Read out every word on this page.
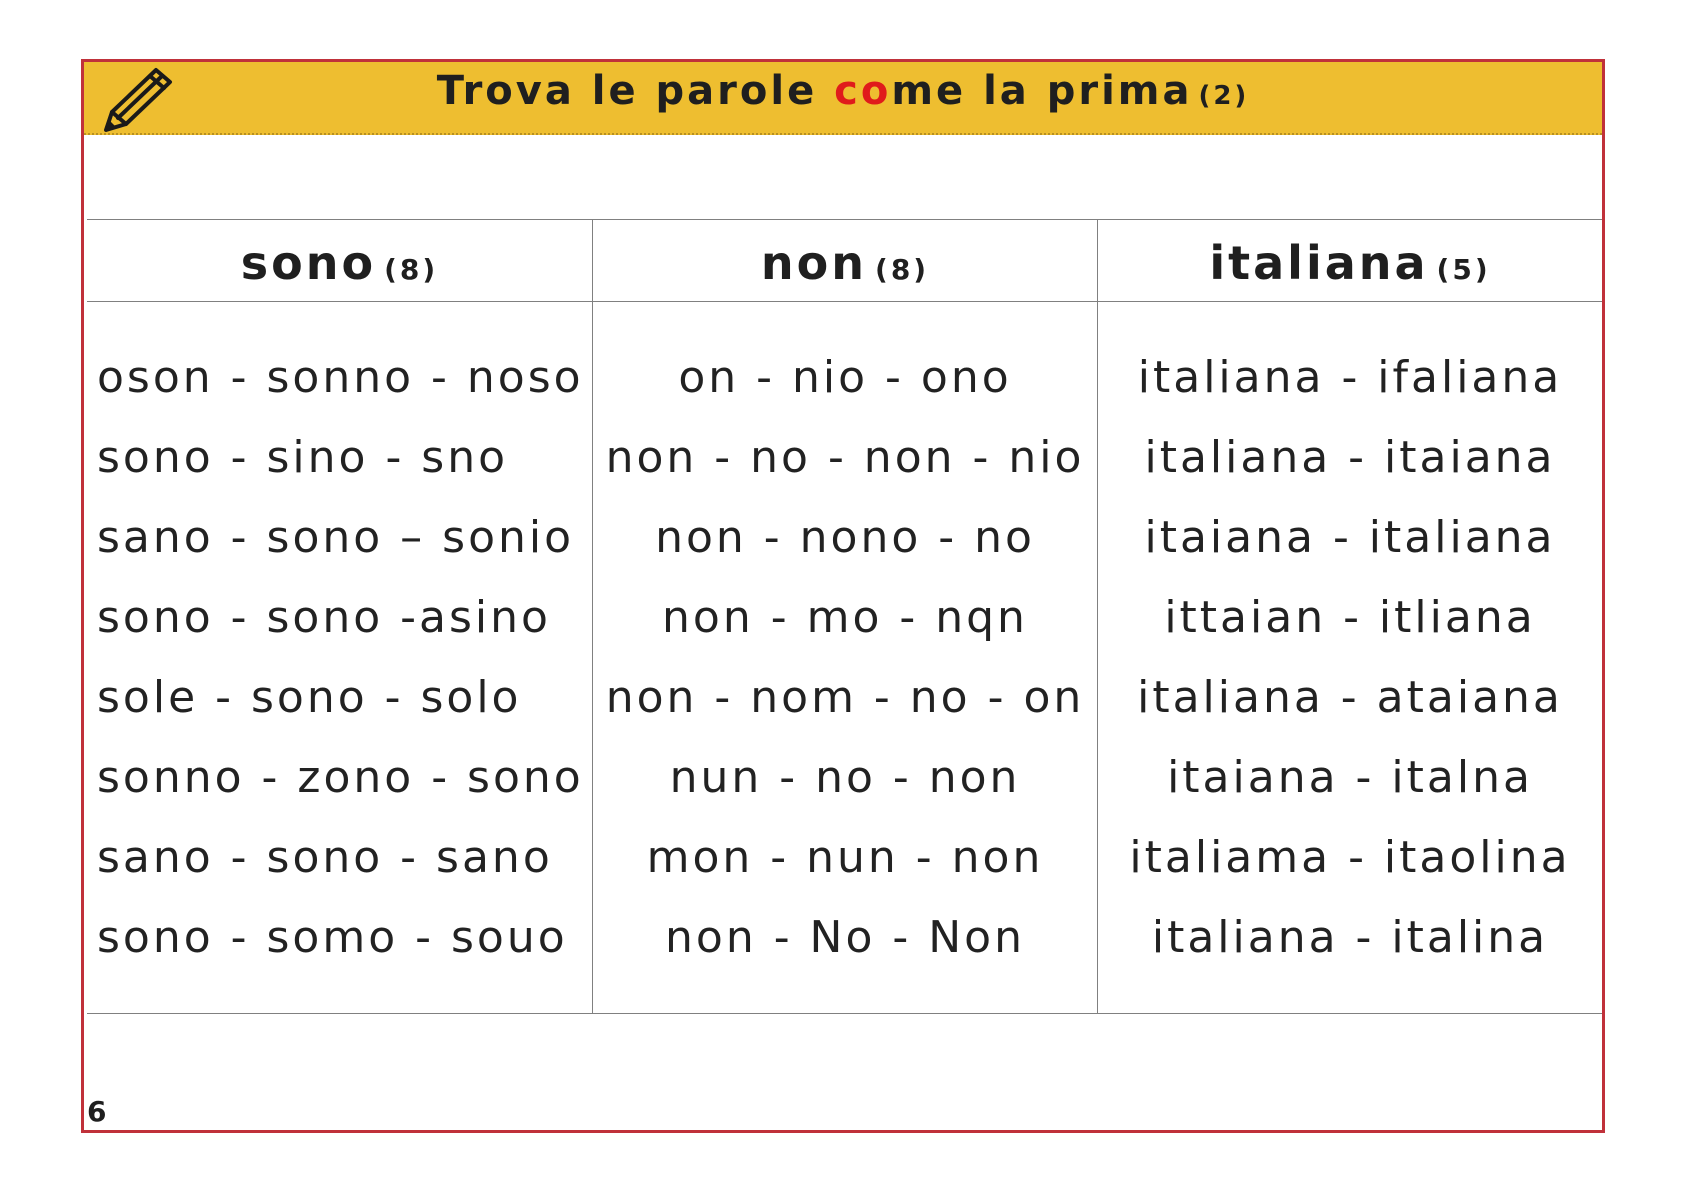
Trova le parole come la prima (2)
sono (8)
oson - sonno - noso
sono - sino - sno
sano - sono – sonio
sono - sono -asino
sole - sono - solo
sonno - zono - sono
sano - sono - sano
sono - somo - souo
non (8)
on - nio - ono
non - no - non - nio
non - nono - no
non - mo - nqn
non - nom - no - on
nun - no - non
mon - nun - non
non - No - Non
italiana (5)
italiana - ifaliana
italiana - itaiana
itaiana - italiana
ittaian - itliana
italiana - ataiana
itaiana - italna
italiama - itaolina
italiana - italina
6
